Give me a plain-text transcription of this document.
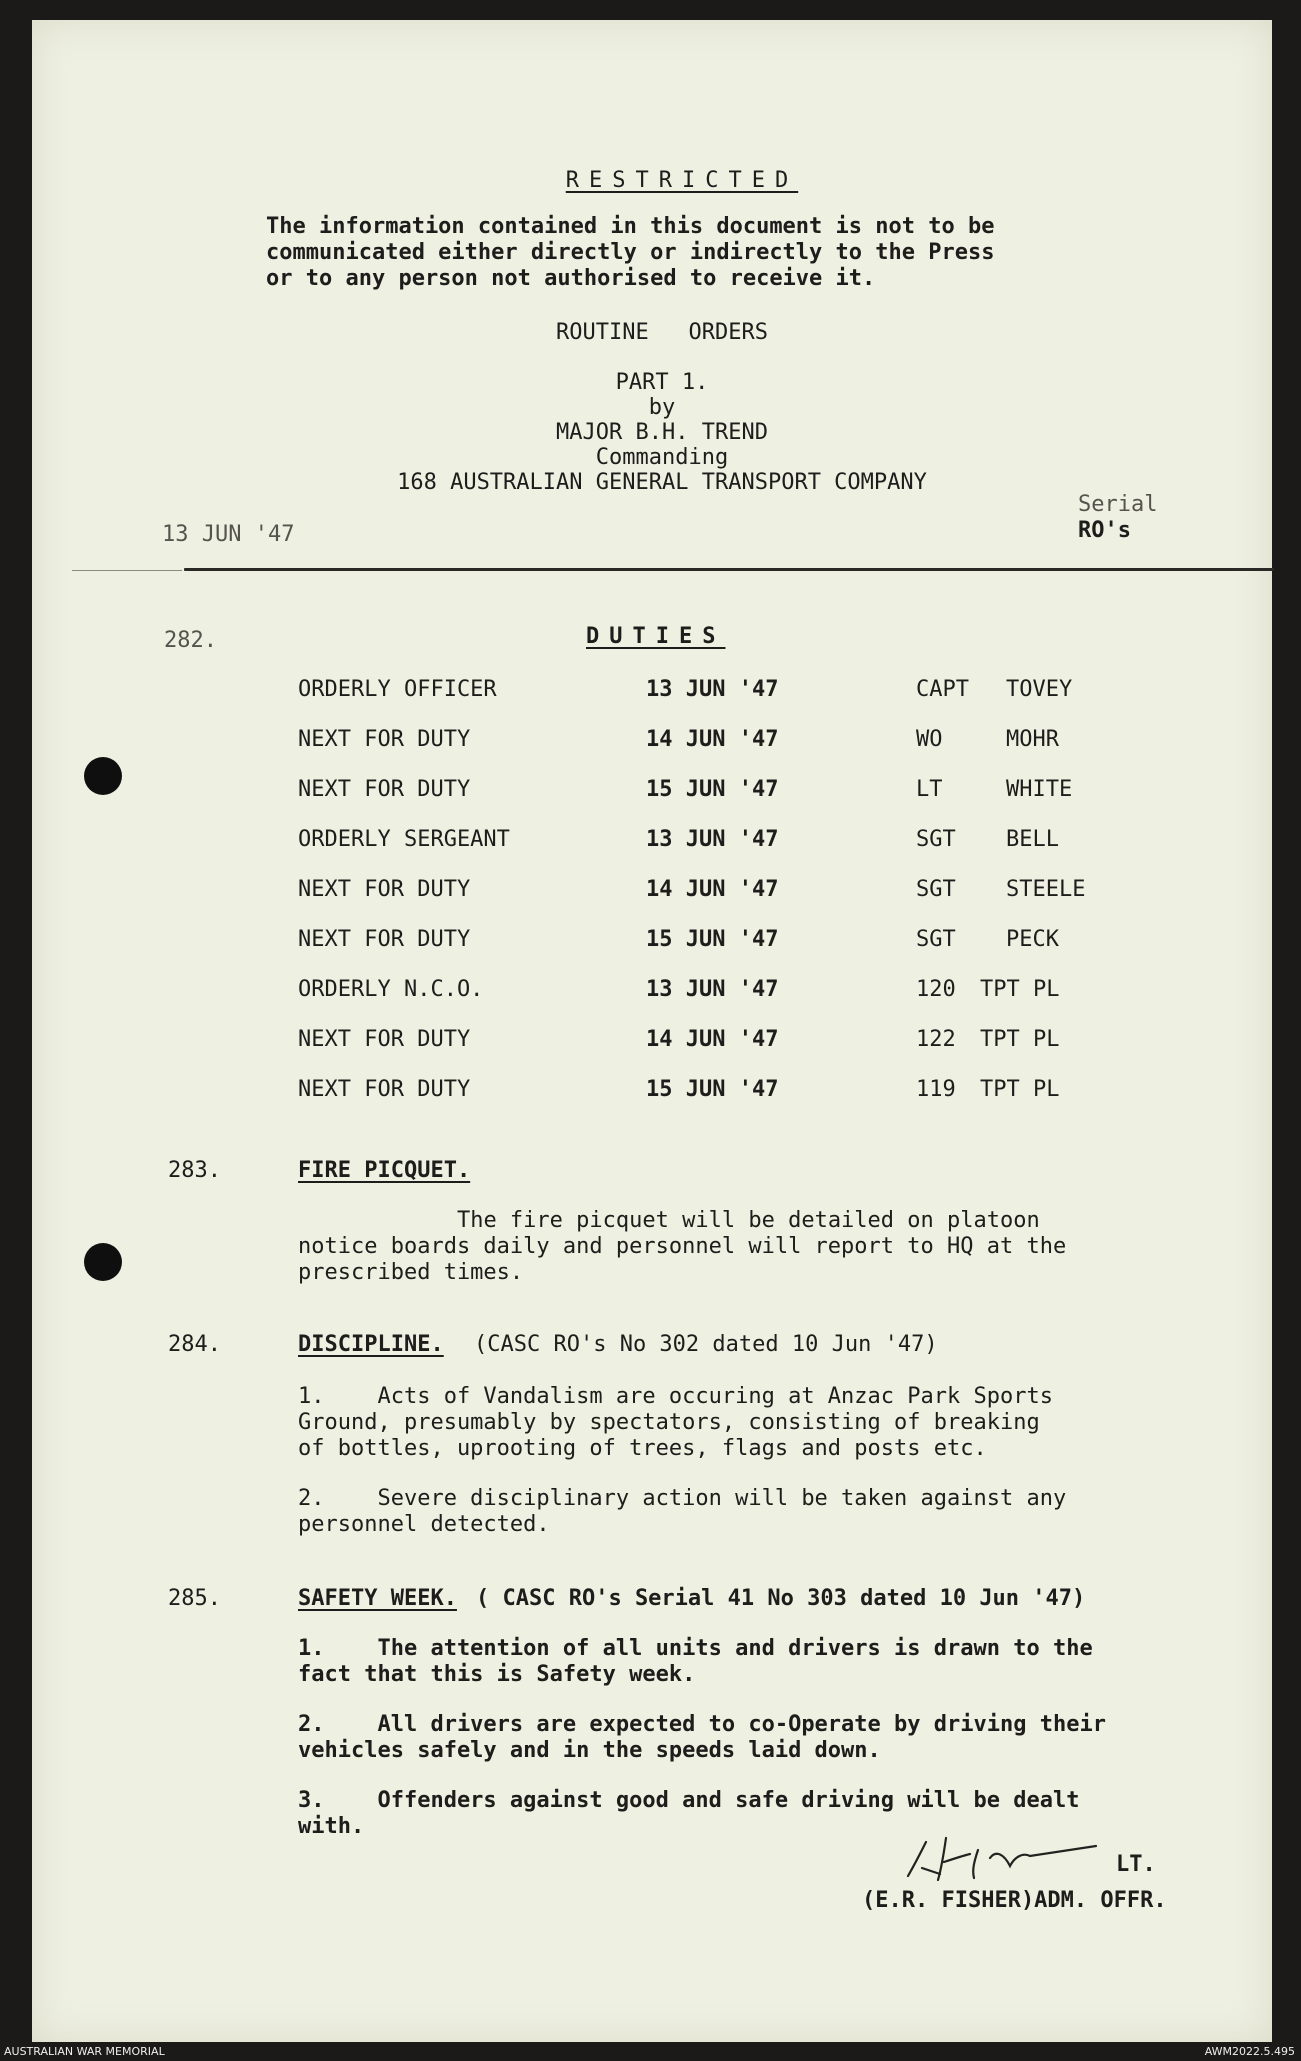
RESTRICTED
The information contained in this document is not to be
communicated either directly or indirectly to the Press
or to any person not authorised to receive it.
ROUTINE   ORDERS
PART 1.
by
MAJOR B.H. TREND
Commanding
168 AUSTRALIAN GENERAL TRANSPORT COMPANY
13 JUN '47
Serial
RO's
282.	DUTIES
ORDERLY OFFICER	13 JUN '47	CAPT TOVEY
NEXT FOR DUTY	14 JUN '47	WO	MOHR
NEXT FOR DUTY	15 JUN '47	LT	WHITE
ORDERLY SERGEANT	13 JUN '47	SGT BELL
NEXT FOR DUTY	14 JUN '47	SGT STEELE
NEXT FOR DUTY	15 JUN '47	SGT PECK
ORDERLY N.C.O.	13 JUN '47	120 TPT PL
NEXT FOR DUTY	14 JUN '47	122 TPT PL
NEXT FOR DUTY	15 JUN '47	119 TPT PL
283.	FIRE PICQUET.
The fire picquet will be detailed on platoon
notice boards daily and personnel will report to HQ at the
prescribed times.
284.	DISCIPLINE. (CASC RO's No 302 dated 10 Jun '47)
1.    Acts of Vandalism are occuring at Anzac Park Sports
Ground, presumably by spectators, consisting of breaking
of bottles, uprooting of trees, flags and posts etc.
2.    Severe disciplinary action will be taken against any
personnel detected.
285.	SAFETY WEEK. ( CASC RO's Serial 41 No 303 dated 10 Jun '47)
1.    The attention of all units and drivers is drawn to the
fact that this is Safety week.
2.    All drivers are expected to co-Operate by driving their
vehicles safely and in the speeds laid down.
3.    Offenders against good and safe driving will be dealt
with.
LT.
(E.R. FISHER)ADM. OFFR.
AUSTRALIAN WAR MEMORIAL	AWM2022.5.495
